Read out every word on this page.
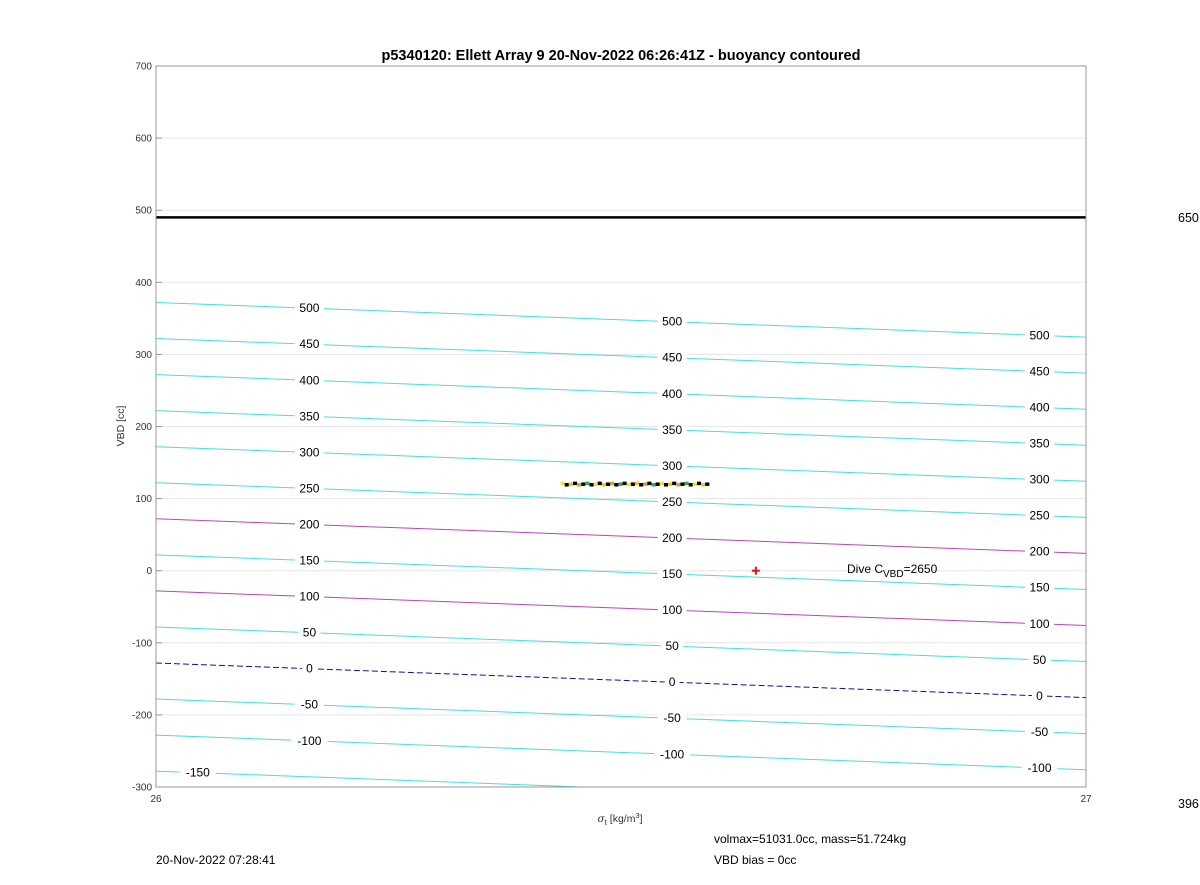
500
500
500
450
450
450
400
400
400
350
350
350
300
300
300
250
250
250
200
200
200
150
150
150
100
100
100
50
50
50
0
0
0
-50
-50
-50
-100
-100
-100
-150
700
600
500
400
300
200
100
0
-100
-200
-300
26	27
p5340120: Ellett Array 9 20-Nov-2022 06:26:41Z - buoyancy contoured
VBD [cc]
$\sigma_t$ $[kg/m^3]$
Dive $C_{VBD}=2650$
650
396
volmax=51031.0cc, mass=51.724kg
VBD bias = 0cc
20-Nov-2022 07:28:41
